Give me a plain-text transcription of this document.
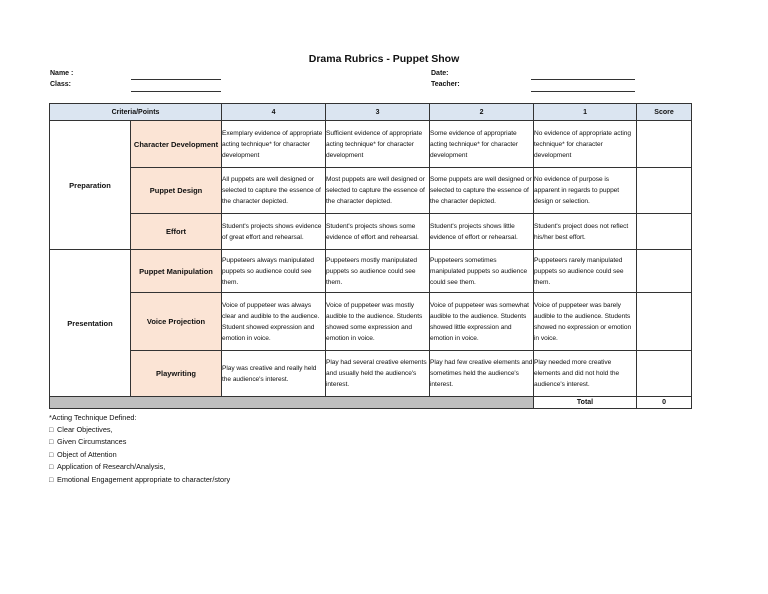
Drama Rubrics - Puppet Show
Name :
Class:
Date:
Teacher:
Criteria/Points		4	3	2	1	Score
Preparation	Character Development	Exemplary evidence of appropriate acting technique* for character development	Sufficient evidence of appropriate acting technique* for character development	Some evidence of appropriate acting technique* for character development	No evidence of appropriate acting technique* for character development	
	Puppet Design	All puppets are well designed or selected to capture the essence of the character depicted.	Most puppets are well designed or selected to capture the essence of the character depicted.	Some puppets are well designed or selected to capture the essence of the character depicted.	No evidence of purpose is apparent in regards to puppet design or selection.	
	Effort	Student's projects shows evidence of great effort and rehearsal.	Student's projects shows some evidence of effort and rehearsal.	Student's projects shows little evidence of effort or rehearsal.	Student's project does not reflect his/her best effort.	
Presentation	Puppet Manipulation	Puppeteers always manipulated puppets so audience could see them.	Puppeteers mostly manipulated puppets so audience could see them.	Puppeteers sometimes manipulated puppets so audience could see them.	Puppeteers rarely manipulated puppets so audience could see them.	
	Voice Projection	Voice of puppeteer was always clear and audible to the audience. Student showed expression and emotion in voice.	Voice of puppeteer was mostly audible to the audience. Students showed some expression and emotion in voice.	Voice of puppeteer was somewhat audible to the audience. Students showed little expression and emotion in voice.	Voice of puppeteer was barely audible to the audience. Students showed no expression or emotion in voice.	
	Playwriting	Play was creative and really held the audience's interest.	Play had several creative elements and usually held the audience's interest.	Play had few creative elements and sometimes held the audience's interest.	Play needed more creative elements and did not hold the audience's interest.	
					Total	0
*Acting Technique Defined:
□ Clear Objectives,
□ Given Circumstances
□ Object of Attention
□ Application of Research/Analysis,
□ Emotional Engagement appropriate to character/story
